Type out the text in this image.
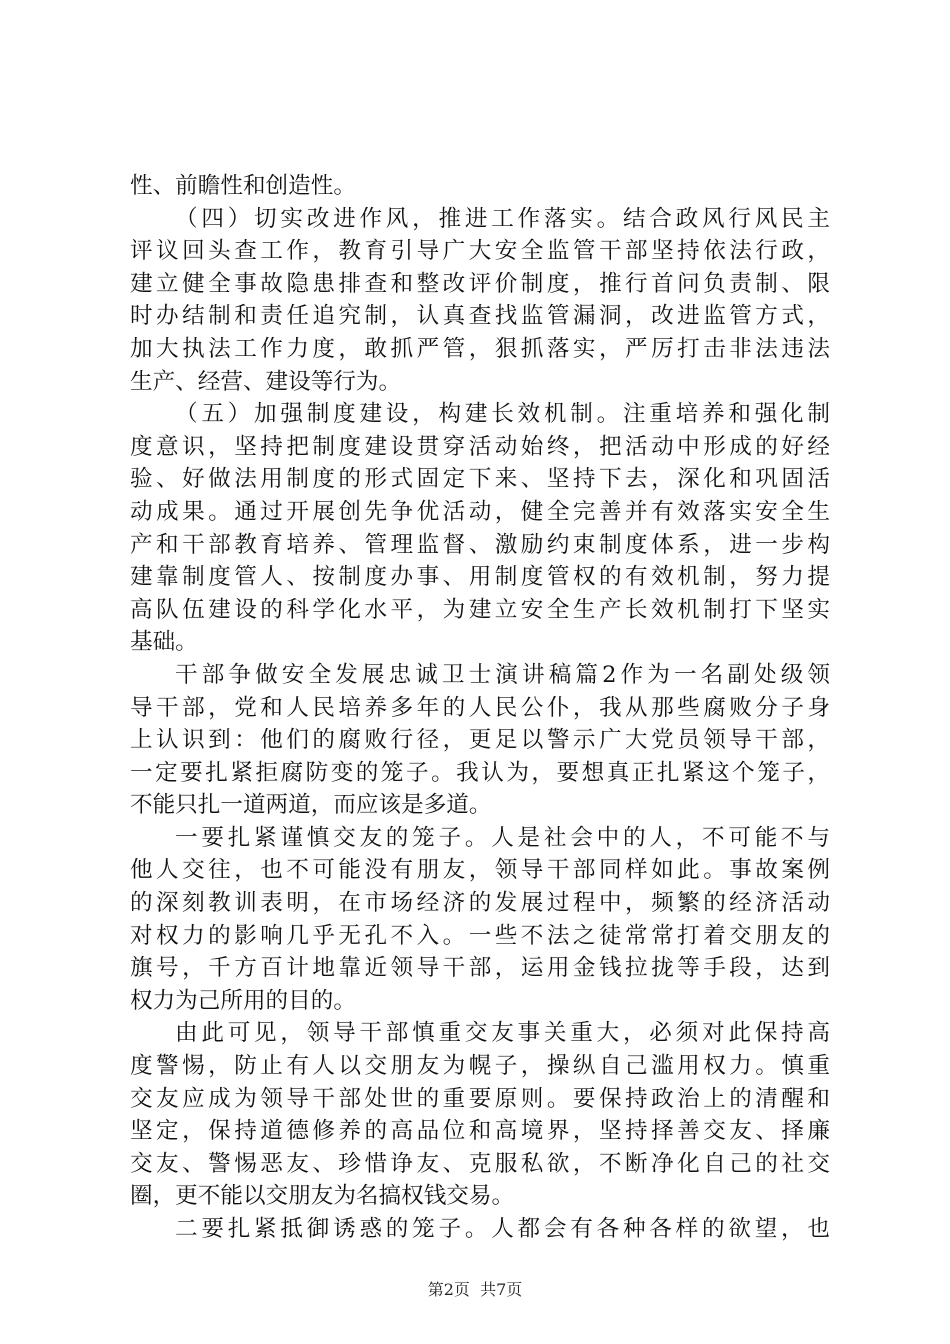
性、前瞻性和创造性。
（四）切实改进作风，推进工作落实。结合政风行风民主
评议回头查工作，教育引导广大安全监管干部坚持依法行政，
建立健全事故隐患排查和整改评价制度，推行首问负责制、限
时办结制和责任追究制，认真查找监管漏洞，改进监管方式，
加大执法工作力度，敢抓严管，狠抓落实，严厉打击非法违法
生产、经营、建设等行为。
（五）加强制度建设，构建长效机制。注重培养和强化制
度意识，坚持把制度建设贯穿活动始终，把活动中形成的好经
验、好做法用制度的形式固定下来、坚持下去，深化和巩固活
动成果。通过开展创先争优活动，健全完善并有效落实安全生
产和干部教育培养、管理监督、激励约束制度体系，进一步构
建靠制度管人、按制度办事、用制度管权的有效机制，努力提
高队伍建设的科学化水平，为建立安全生产长效机制打下坚实
基础。
干部争做安全发展忠诚卫士演讲稿篇2作为一名副处级领
导干部，党和人民培养多年的人民公仆，我从那些腐败分子身
上认识到：他们的腐败行径，更足以警示广大党员领导干部，
一定要扎紧拒腐防变的笼子。我认为，要想真正扎紧这个笼子，
不能只扎一道两道，而应该是多道。
一要扎紧谨慎交友的笼子。人是社会中的人，不可能不与
他人交往，也不可能没有朋友，领导干部同样如此。事故案例
的深刻教训表明，在市场经济的发展过程中，频繁的经济活动
对权力的影响几乎无孔不入。一些不法之徒常常打着交朋友的
旗号，千方百计地靠近领导干部，运用金钱拉拢等手段，达到
权力为己所用的目的。
由此可见，领导干部慎重交友事关重大，必须对此保持高
度警惕，防止有人以交朋友为幌子，操纵自己滥用权力。慎重
交友应成为领导干部处世的重要原则。要保持政治上的清醒和
坚定，保持道德修养的高品位和高境界，坚持择善交友、择廉
交友、警惕恶友、珍惜诤友、克服私欲，不断净化自己的社交
圈，更不能以交朋友为名搞权钱交易。
二要扎紧抵御诱惑的笼子。人都会有各种各样的欲望，也
第2页  共7页
